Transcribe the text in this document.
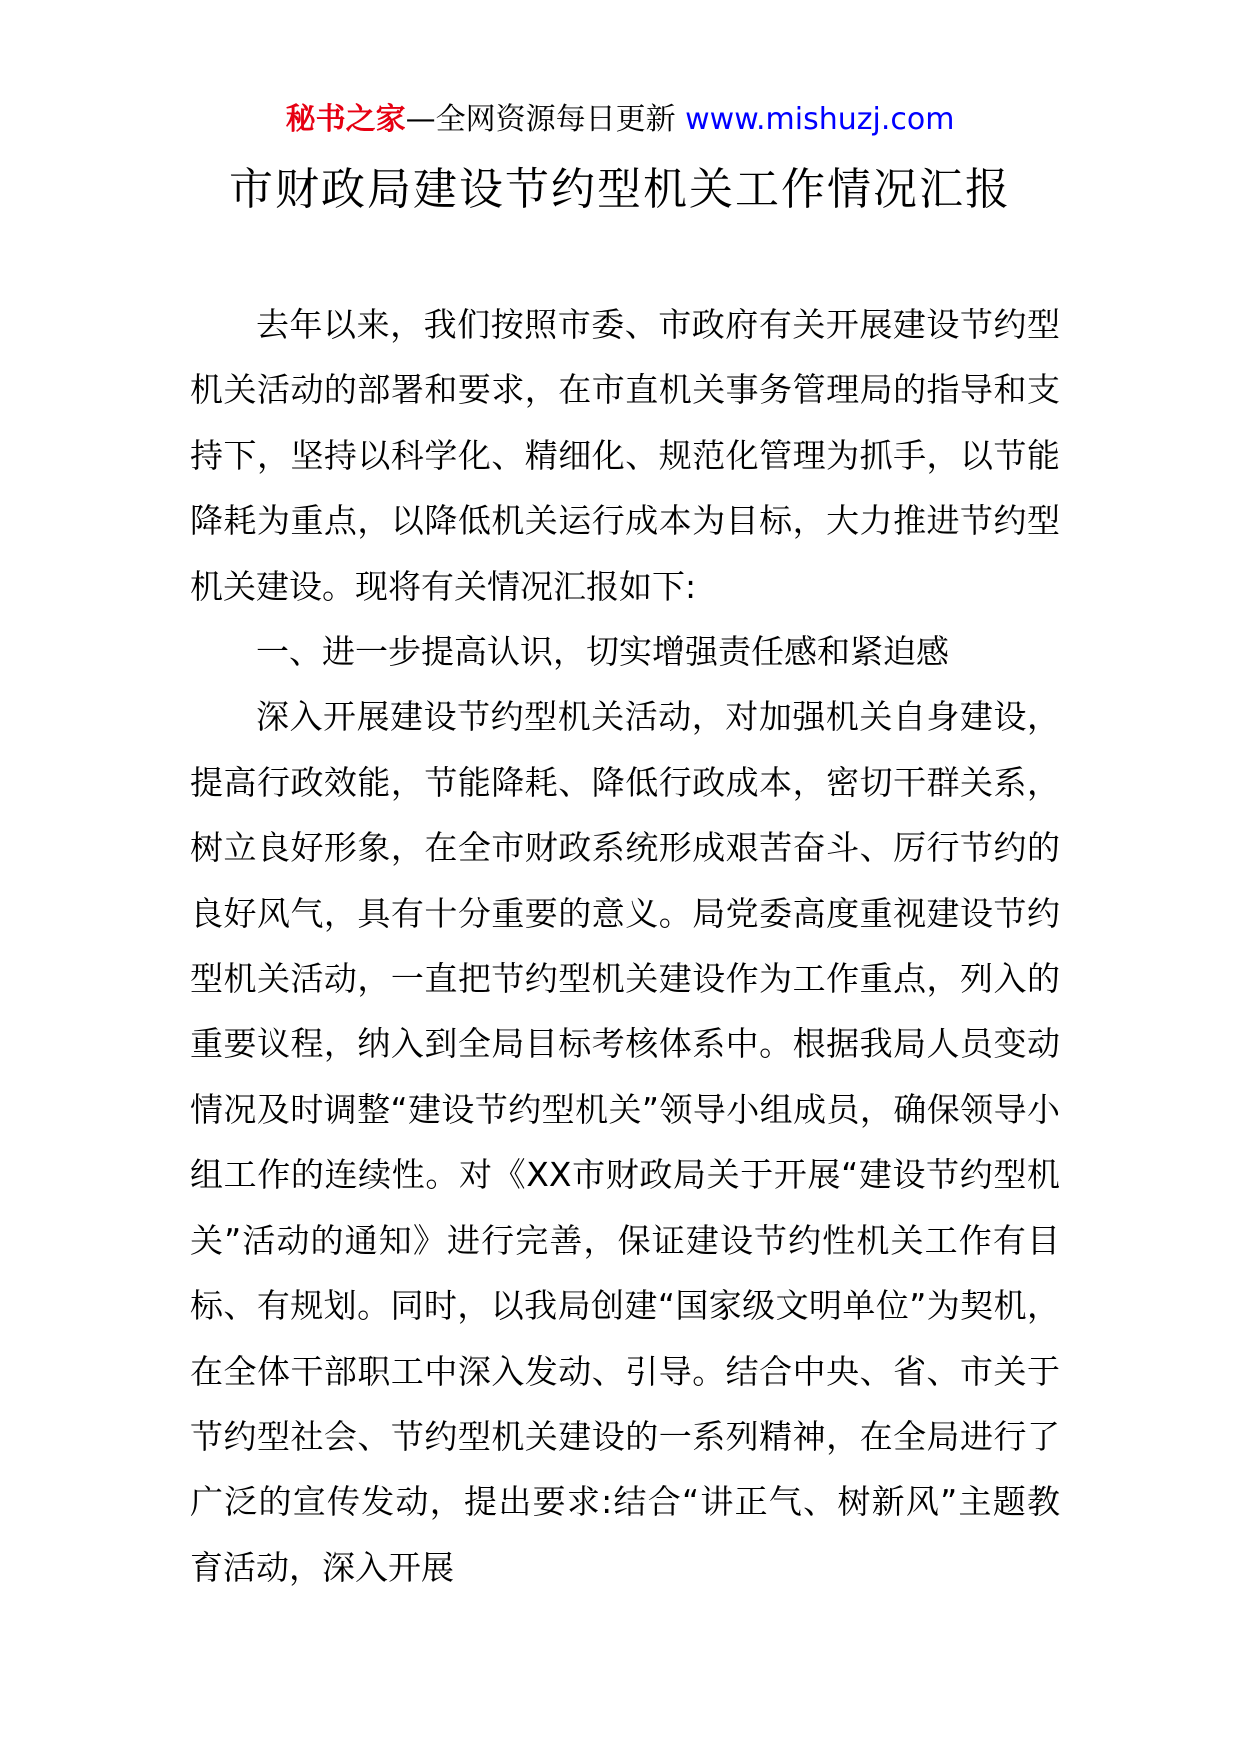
秘书之家—全网资源每日更新 www.mishuzj.com
市财政局建设节约型机关工作情况汇报

去年以来，我们按照市委、市政府有关开展建设节约型机关活动的部署和要求，在市直机关事务管理局的指导和支持下，坚持以科学化、精细化、规范化管理为抓手，以节能降耗为重点，以降低机关运行成本为目标，大力推进节约型机关建设。现将有关情况汇报如下:

一、进一步提高认识，切实增强责任感和紧迫感

深入开展建设节约型机关活动，对加强机关自身建设，提高行政效能，节能降耗、降低行政成本，密切干群关系，树立良好形象，在全市财政系统形成艰苦奋斗、厉行节约的良好风气，具有十分重要的意义。局党委高度重视建设节约型机关活动，一直把节约型机关建设作为工作重点，列入的重要议程，纳入到全局目标考核体系中。根据我局人员变动情况及时调整“建设节约型机关”领导小组成员，确保领导小组工作的连续性。对《XX市财政局关于开展“建设节约型机关”活动的通知》进行完善，保证建设节约性机关工作有目标、有规划。同时，以我局创建“国家级文明单位”为契机，在全体干部职工中深入发动、引导。结合中央、省、市关于节约型社会、节约型机关建设的一系列精神，在全局进行了广泛的宣传发动，提出要求:结合“讲正气、树新风”主题教育活动，深入开展
